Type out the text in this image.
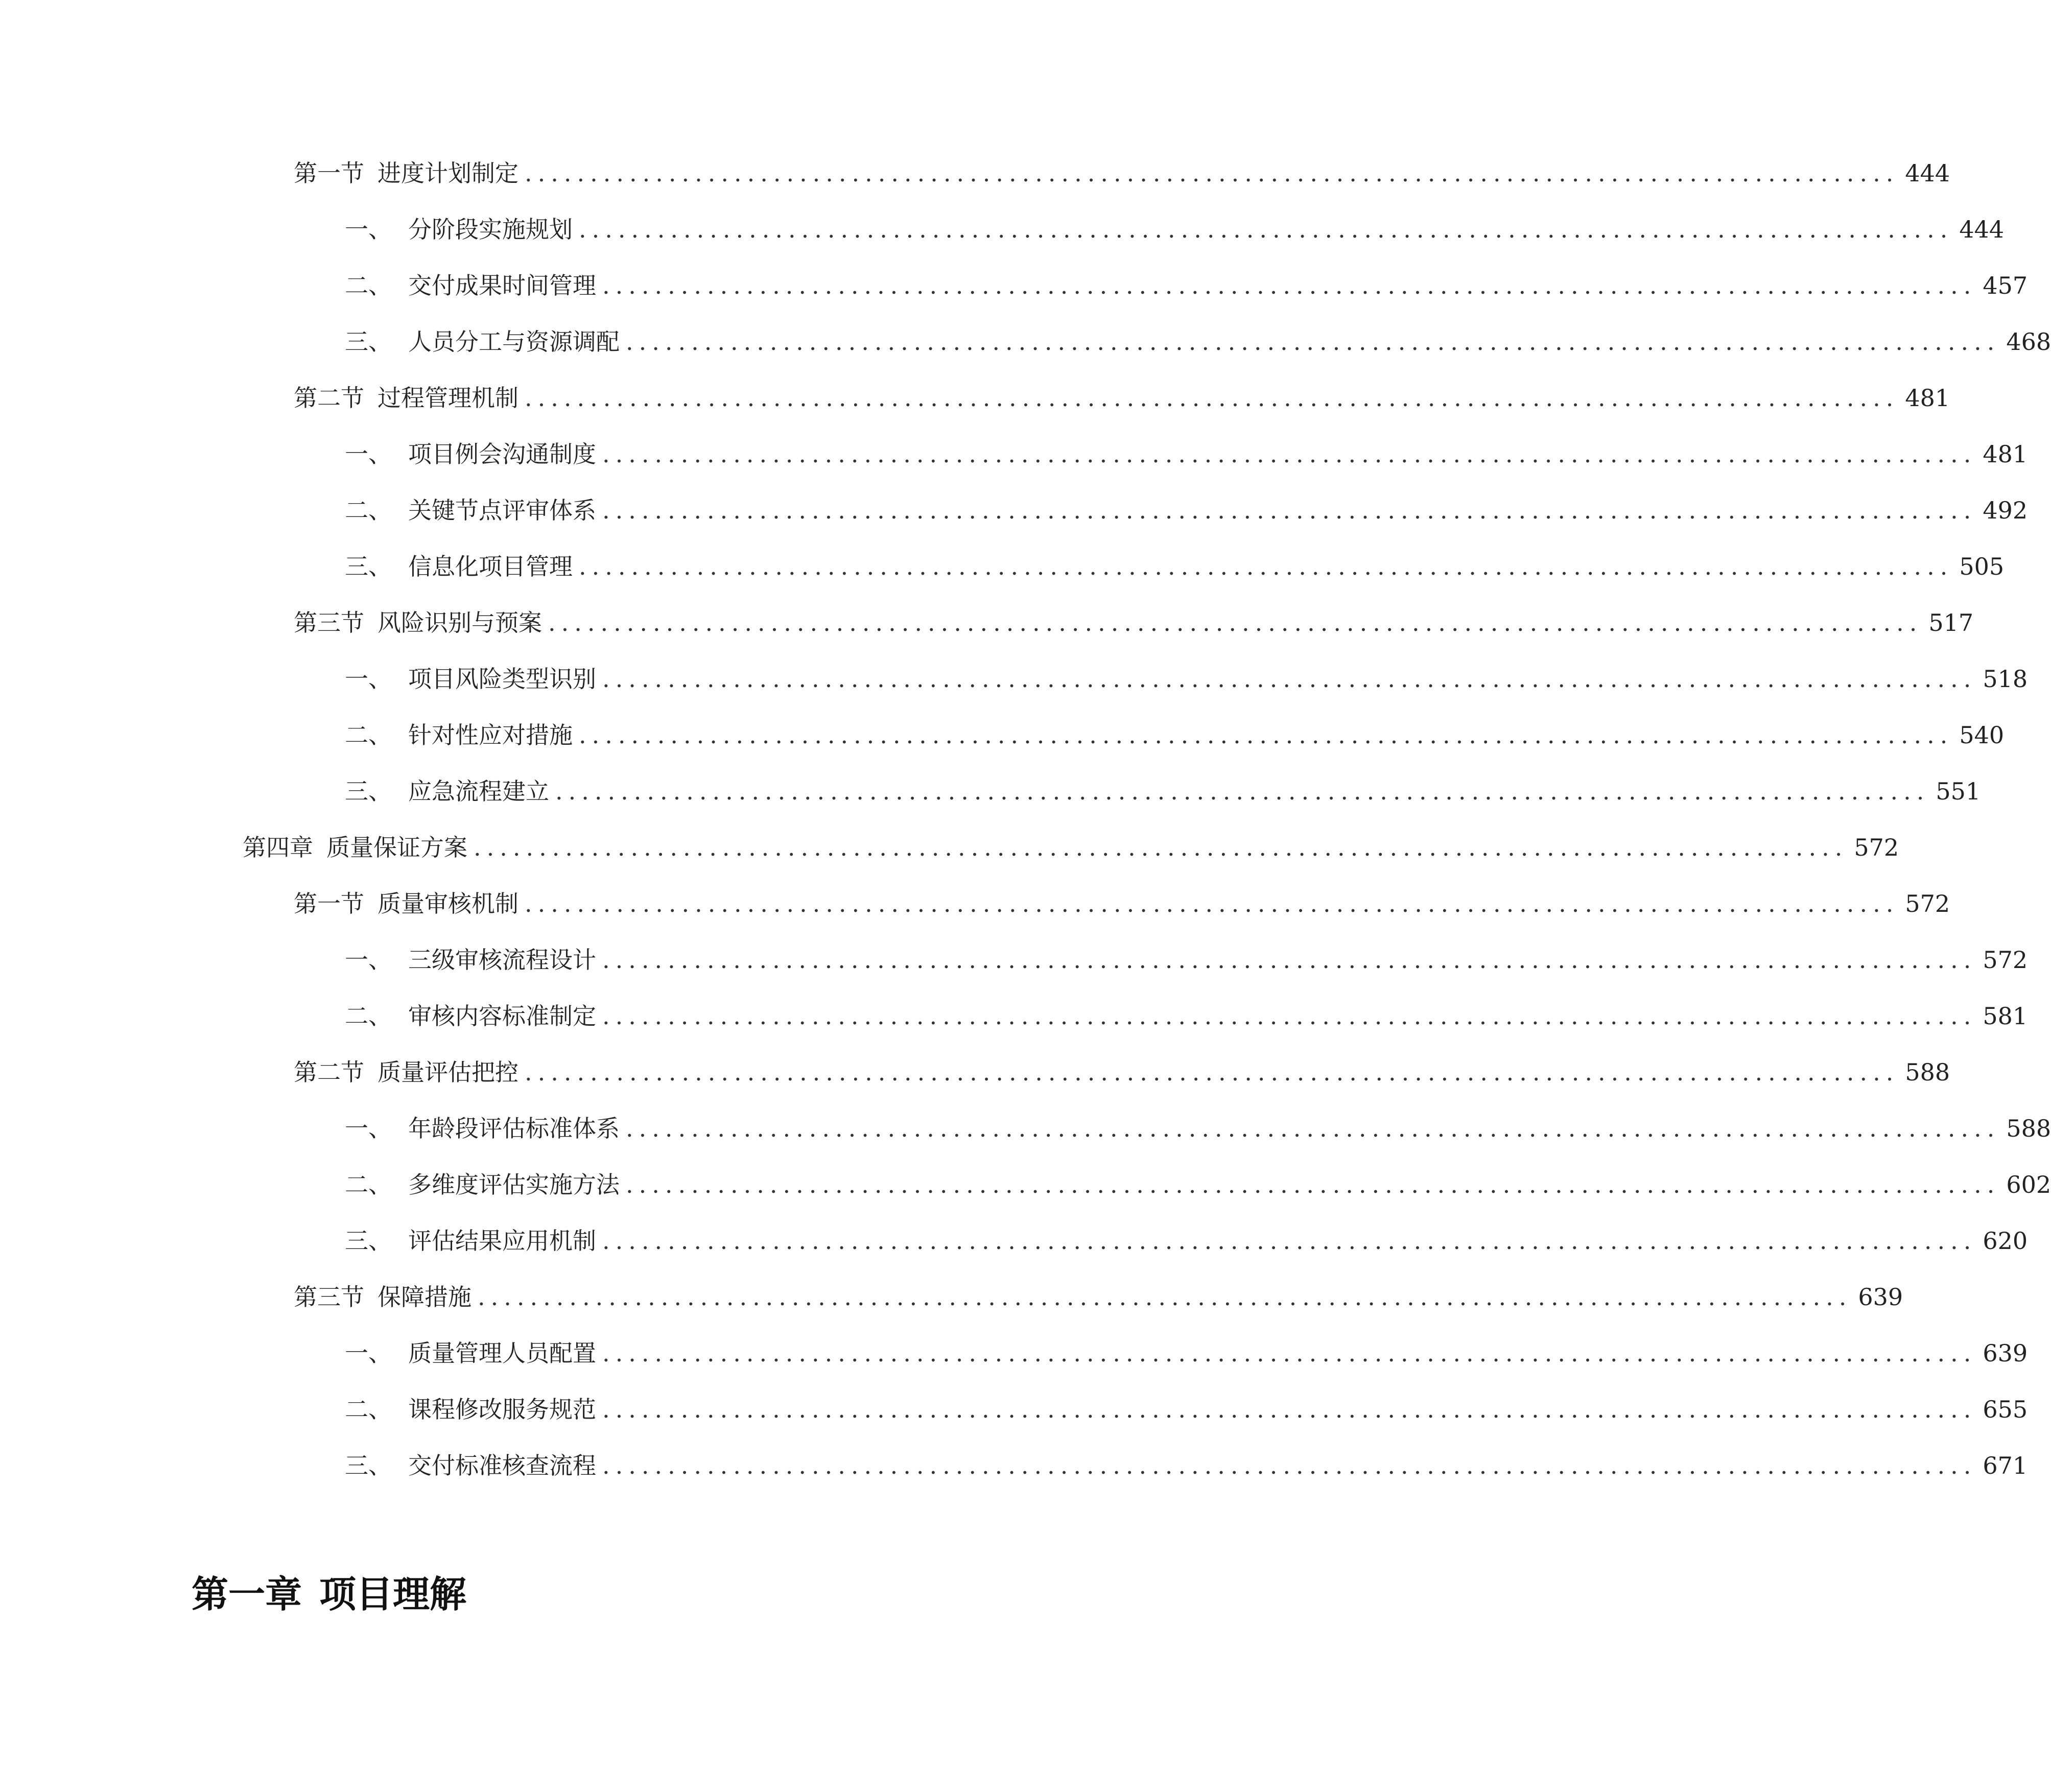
第一节 进度计划制定 ......................................................................................................... 444
一、 分阶段实施规划 ......................................................................................................... 444
二、 交付成果时间管理 ......................................................................................................... 457
三、 人员分工与资源调配 ......................................................................................................... 468
第二节 过程管理机制 ......................................................................................................... 481
一、 项目例会沟通制度 ......................................................................................................... 481
二、 关键节点评审体系 ......................................................................................................... 492
三、 信息化项目管理 ......................................................................................................... 505
第三节 风险识别与预案 ......................................................................................................... 517
一、 项目风险类型识别 ......................................................................................................... 518
二、 针对性应对措施 ......................................................................................................... 540
三、 应急流程建立 ......................................................................................................... 551
第四章 质量保证方案 ......................................................................................................... 572
第一节 质量审核机制 ......................................................................................................... 572
一、 三级审核流程设计 ......................................................................................................... 572
二、 审核内容标准制定 ......................................................................................................... 581
第二节 质量评估把控 ......................................................................................................... 588
一、 年龄段评估标准体系 ......................................................................................................... 588
二、 多维度评估实施方法 ......................................................................................................... 602
三、 评估结果应用机制 ......................................................................................................... 620
第三节 保障措施 ......................................................................................................... 639
一、 质量管理人员配置 ......................................................................................................... 639
二、 课程修改服务规范 ......................................................................................................... 655
三、 交付标准核查流程 ......................................................................................................... 671
第一章 项目理解
